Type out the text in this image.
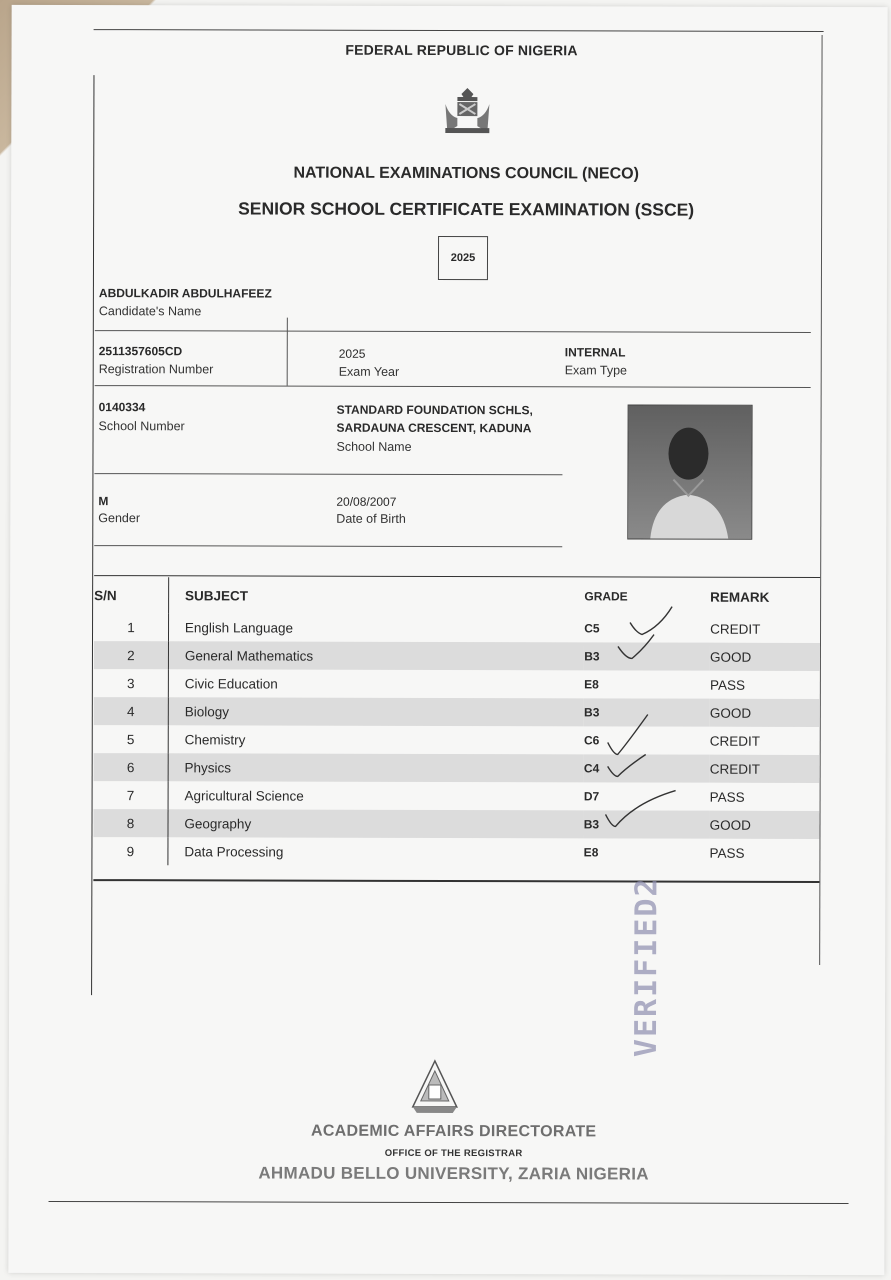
FEDERAL REPUBLIC OF NIGERIA
NATIONAL EXAMINATIONS COUNCIL (NECO)
SENIOR SCHOOL CERTIFICATE EXAMINATION (SSCE)
2025
ABDULKADIR ABDULHAFEEZ
Candidate's Name
2511357605CD
Registration Number
2025
Exam Year
INTERNAL
Exam Type
0140334
School Number
STANDARD FOUNDATION SCHLS,
SARDAUNA CRESCENT, KADUNA
School Name
M
Gender
20/08/2007
Date of Birth
S/N	SUBJECT	GRADE	REMARK
1	English Language	C5	CREDIT
2	General Mathematics	B3	GOOD
3	Civic Education	E8	PASS
4	Biology	B3	GOOD
5	Chemistry	C6	CREDIT
6	Physics	C4	CREDIT
7	Agricultural Science	D7	PASS
8	Geography	B3	GOOD
9	Data Processing	E8	PASS
VERIFIED2
ACADEMIC AFFAIRS DIRECTORATE
OFFICE OF THE REGISTRAR
AHMADU BELLO UNIVERSITY, ZARIA NIGERIA
